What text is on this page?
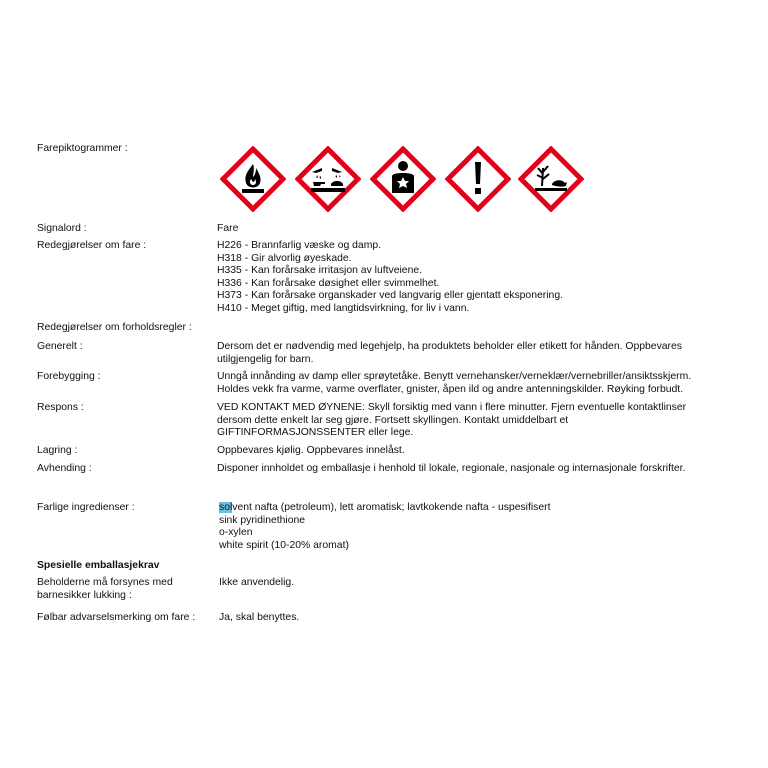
Farepiktogrammer :
Signalord :	Fare
Redegjørelser om fare :	H226 - Brannfarlig væske og damp.
H318 - Gir alvorlig øyeskade.
H335 - Kan forårsake irritasjon av luftveiene.
H336 - Kan forårsake døsighet eller svimmelhet.
H373 - Kan forårsake organskader ved langvarig eller gjentatt eksponering.
H410 - Meget giftig, med langtidsvirkning, for liv i vann.
Redegjørelser om forholdsregler :
Generelt :	Dersom det er nødvendig med legehjelp, ha produktets beholder eller etikett for hånden. Oppbevares
utilgjengelig for barn.
Forebygging :	Unngå innånding av damp eller sprøytetåke. Benytt vernehansker/verneklær/vernebriller/ansiktsskjerm.
Holdes vekk fra varme, varme overflater, gnister, åpen ild og andre antenningskilder. Røyking forbudt.
Respons :	VED KONTAKT MED ØYNENE: Skyll forsiktig med vann i flere minutter. Fjern eventuelle kontaktlinser
dersom dette enkelt lar seg gjøre. Fortsett skyllingen. Kontakt umiddelbart et
GIFTINFORMASJONSSENTER eller lege.
Lagring :	Oppbevares kjølig. Oppbevares innelåst.
Avhending :	Disponer innholdet og emballasje i henhold til lokale, regionale, nasjonale og internasjonale forskrifter.
Farlige ingredienser :	solvent nafta (petroleum), lett aromatisk; lavtkokende nafta - uspesifisert
sink pyridinethione
o-xylen
white spirit (10-20% aromat)
Spesielle emballasjekrav
Beholderne må forsynes med
barnesikker lukking :
Ikke anvendelig.
Følbar advarselsmerking om fare : Ja, skal benyttes.
